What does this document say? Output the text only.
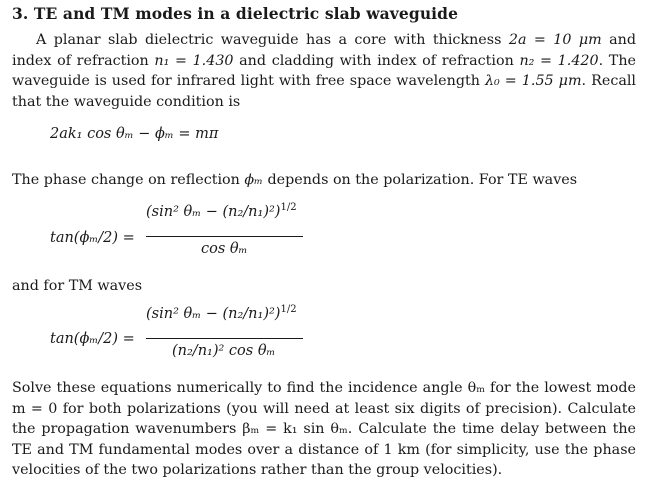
3. TE and TM modes in a dielectric slab waveguide
A planar slab dielectric waveguide has a core with thickness 2a = 10 μm and index of refraction n₁ = 1.430 and cladding with index of refraction n₂ = 1.420. The waveguide is used for infrared light with free space wavelength λ₀ = 1.55 μm. Recall that the waveguide condition is
2ak₁ cos θₘ − ϕₘ = mπ
The phase change on reflection ϕₘ depends on the polarization. For TE waves
tan(ϕₘ/2) =
(sin² θₘ − (n₂/n₁)²)$^{1/2}$
cos θₘ
and for TM waves
tan(ϕₘ/2) =
(sin² θₘ − (n₂/n₁)²)$^{1/2}$
(n₂/n₁)² cos θₘ
Solve these equations numerically to find the incidence angle θₘ for the lowest mode m = 0 for both polarizations (you will need at least six digits of precision). Calculate the propagation wavenumbers βₘ = k₁ sin θₘ. Calculate the time delay between the TE and TM fundamental modes over a distance of 1 km (for simplicity, use the phase velocities of the two polarizations rather than the group velocities).
